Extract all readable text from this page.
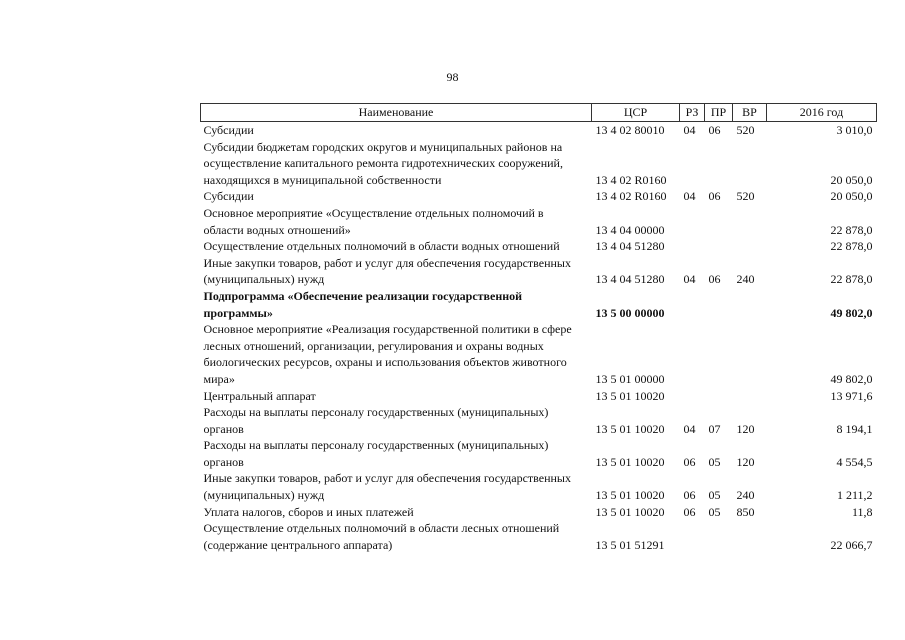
98
Наименование	ЦСР	РЗ	ПР	ВР	2016 год
Субсидии	13 4 02 80010	04	06	520	3 010,0
Субсидии бюджетам городских округов и муниципальных районов на осуществление капитального ремонта гидротехнических сооружений, находящихся в муниципальной собственности	13 4 02 R0160				20 050,0
Субсидии	13 4 02 R0160	04	06	520	20 050,0
Основное мероприятие «Осуществление отдельных полномочий в области водных отношений»	13 4 04 00000				22 878,0
Осуществление отдельных полномочий в области водных отношений	13 4 04 51280				22 878,0
Иные закупки товаров, работ и услуг для обеспечения государственных (муниципальных) нужд	13 4 04 51280	04	06	240	22 878,0
Подпрограмма «Обеспечение реализации государственной программы»	13 5 00 00000				49 802,0
Основное мероприятие «Реализация государственной политики в сфере лесных отношений, организации, регулирования и охраны водных биологических ресурсов, охраны и использования объектов животного мира»	13 5 01 00000				49 802,0
Центральный аппарат	13 5 01 10020				13 971,6
Расходы на выплаты персоналу государственных (муниципальных) органов	13 5 01 10020	04	07	120	8 194,1
Расходы на выплаты персоналу государственных (муниципальных) органов	13 5 01 10020	06	05	120	4 554,5
Иные закупки товаров, работ и услуг для обеспечения государственных (муниципальных) нужд	13 5 01 10020	06	05	240	1 211,2
Уплата налогов, сборов и иных платежей	13 5 01 10020	06	05	850	11,8
Осуществление отдельных полномочий в области лесных отношений (содержание центрального аппарата)	13 5 01 51291				22 066,7
